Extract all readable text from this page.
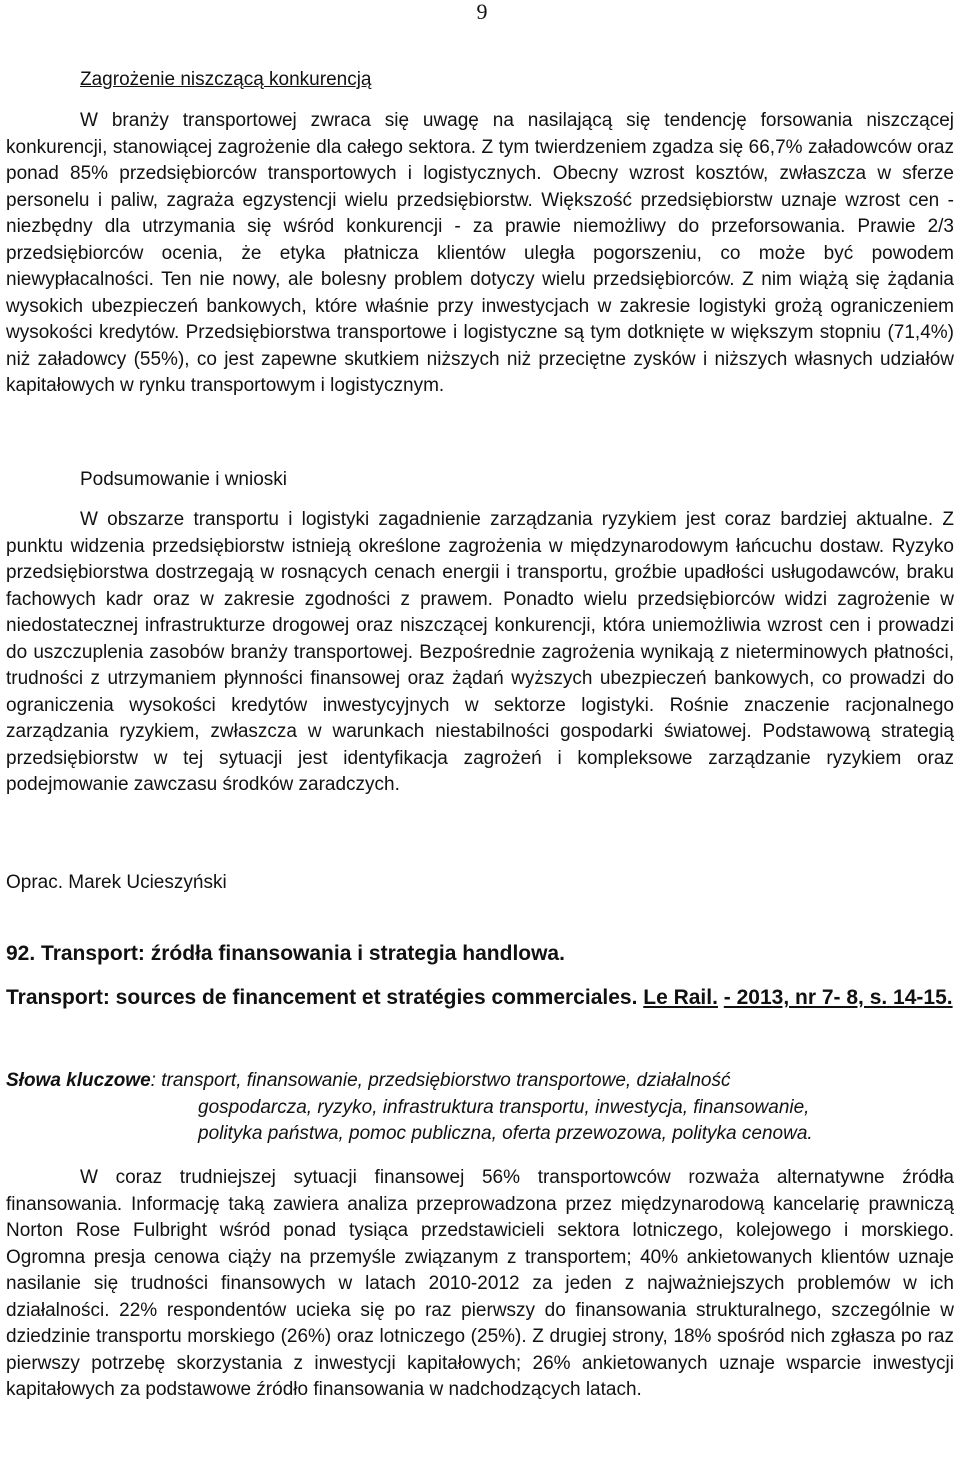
9

Zagrożenie niszczącą konkurencją

W branży transportowej zwraca się uwagę na nasilającą się tendencję forsowania niszczącej konkurencji, stanowiącej zagrożenie dla całego sektora. Z tym twierdzeniem zgadza się 66,7% załadowców oraz ponad 85% przedsiębiorców transportowych i logistycznych. Obecny wzrost kosztów, zwłaszcza w sferze personelu i paliw, zagraża egzystencji wielu przedsiębiorstw. Większość przedsiębiorstw uznaje wzrost cen - niezbędny dla utrzymania się wśród konkurencji - za prawie niemożliwy do przeforsowania. Prawie 2/3 przedsiębiorców ocenia, że etyka płatnicza klientów uległa pogorszeniu, co może być powodem niewypłacalności. Ten nie nowy, ale bolesny problem dotyczy wielu przedsiębiorców. Z nim wiążą się żądania wysokich ubezpieczeń bankowych, które właśnie przy inwestycjach w zakresie logistyki grożą ograniczeniem wysokości kredytów. Przedsiębiorstwa transportowe i logistyczne są tym dotknięte w większym stopniu (71,4%) niż załadowcy (55%), co jest zapewne skutkiem niższych niż przeciętne zysków i niższych własnych udziałów kapitałowych w rynku transportowym i logistycznym.

Podsumowanie i wnioski

W obszarze transportu i logistyki zagadnienie zarządzania ryzykiem jest coraz bardziej aktualne. Z punktu widzenia przedsiębiorstw istnieją określone zagrożenia w międzynarodowym łańcuchu dostaw. Ryzyko przedsiębiorstwa dostrzegają w rosnących cenach energii i transportu, groźbie upadłości usługodawców, braku fachowych kadr oraz w zakresie zgodności z prawem. Ponadto wielu przedsiębiorców widzi zagrożenie w niedostatecznej infrastrukturze drogowej oraz niszczącej konkurencji, która uniemożliwia wzrost cen i prowadzi do uszczuplenia zasobów branży transportowej. Bezpośrednie zagrożenia wynikają z nieterminowych płatności, trudności z utrzymaniem płynności finansowej oraz żądań wyższych ubezpieczeń bankowych, co prowadzi do ograniczenia wysokości kredytów inwestycyjnych w sektorze logistyki. Rośnie znaczenie racjonalnego zarządzania ryzykiem, zwłaszcza w warunkach niestabilności gospodarki światowej. Podstawową strategią przedsiębiorstw w tej sytuacji jest identyfikacja zagrożeń i kompleksowe zarządzanie ryzykiem oraz podejmowanie zawczasu środków zaradczych.

Oprac. Marek Ucieszyński

92. Transport: źródła finansowania i strategia handlowa.

Transport: sources de financement et stratégies commerciales. Le Rail. - 2013, nr 7- 8, s. 14-15.

Słowa kluczowe: transport, finansowanie, przedsiębiorstwo transportowe, działalność
gospodarcza, ryzyko, infrastruktura transportu, inwestycja, finansowanie,
polityka państwa, pomoc publiczna, oferta przewozowa, polityka cenowa.

W coraz trudniejszej sytuacji finansowej 56% transportowców rozważa alternatywne źródła finansowania. Informację taką zawiera analiza przeprowadzona przez międzynarodową kancelarię prawniczą Norton Rose Fulbright wśród ponad tysiąca przedstawicieli sektora lotniczego, kolejowego i morskiego. Ogromna presja cenowa ciąży na przemyśle związanym z transportem; 40% ankietowanych klientów uznaje nasilanie się trudności finansowych w latach 2010-2012 za jeden z najważniejszych problemów w ich działalności. 22% respondentów ucieka się po raz pierwszy do finansowania strukturalnego, szczególnie w dziedzinie transportu morskiego (26%) oraz lotniczego (25%). Z drugiej strony, 18% spośród nich zgłasza po raz pierwszy potrzebę skorzystania z inwestycji kapitałowych; 26% ankietowanych uznaje wsparcie inwestycji kapitałowych za podstawowe źródło finansowania w nadchodzących latach.
